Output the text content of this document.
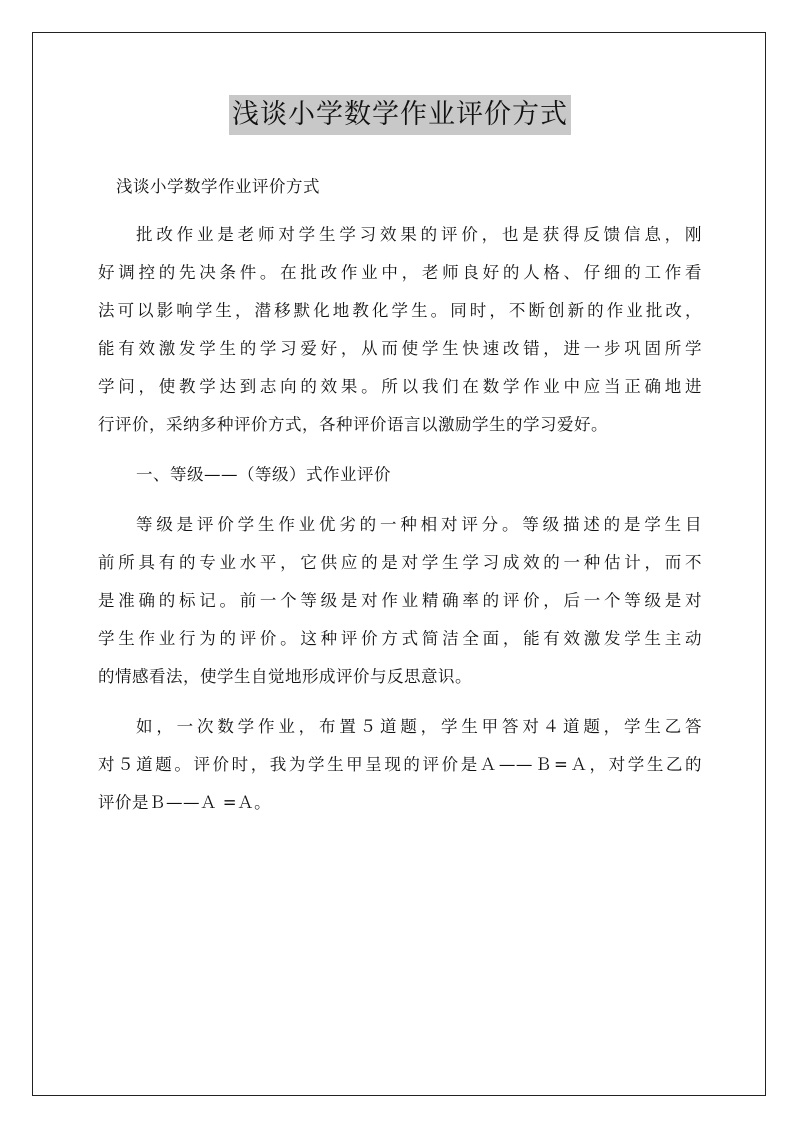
浅谈小学数学作业评价方式
浅谈小学数学作业评价方式
批改作业是老师对学生学习效果的评价，也是获得反馈信息，刚
好调控的先决条件。在批改作业中，老师良好的人格、仔细的工作看
法可以影响学生，潜移默化地教化学生。同时，不断创新的作业批改，
能有效激发学生的学习爱好，从而使学生快速改错，进一步巩固所学
学问，使教学达到志向的效果。所以我们在数学作业中应当正确地进
行评价，采纳多种评价方式，各种评价语言以激励学生的学习爱好。
一、等级——（等级）式作业评价
等级是评价学生作业优劣的一种相对评分。等级描述的是学生目
前所具有的专业水平，它供应的是对学生学习成效的一种估计，而不
是准确的标记。前一个等级是对作业精确率的评价，后一个等级是对
学生作业行为的评价。这种评价方式简洁全面，能有效激发学生主动
的情感看法，使学生自觉地形成评价与反思意识。
如，一次数学作业，布置５道题，学生甲答对４道题，学生乙答
对５道题。评价时，我为学生甲呈现的评价是Ａ——Ｂ=Ａ，对学生乙的
评价是Ｂ——Ａ =Ａ。
